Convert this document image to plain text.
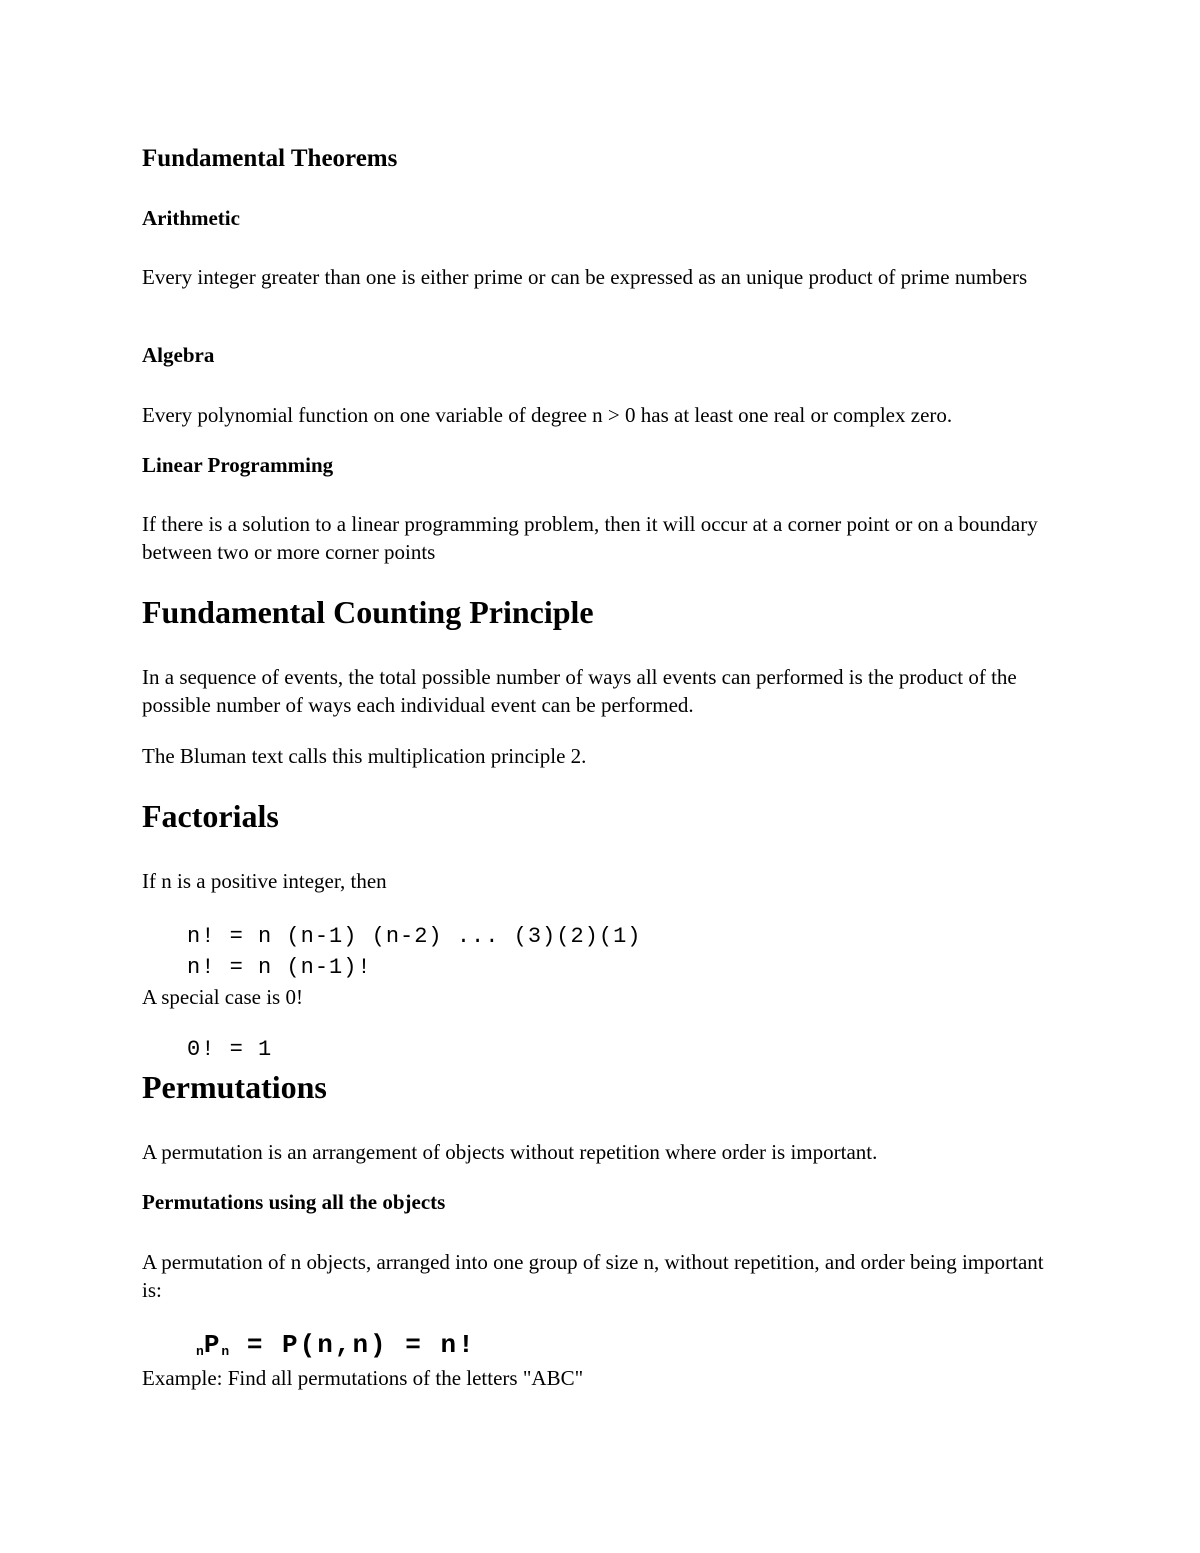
Fundamental Theorems
Arithmetic
Every integer greater than one is either prime or can be expressed as an unique product of prime numbers
Algebra
Every polynomial function on one variable of degree n > 0 has at least one real or complex zero.
Linear Programming
If there is a solution to a linear programming problem, then it will occur at a corner point or on a boundary between two or more corner points
Fundamental Counting Principle
In a sequence of events, the total possible number of ways all events can performed is the product of the possible number of ways each individual event can be performed.
The Bluman text calls this multiplication principle 2.
Factorials
If n is a positive integer, then
n! = n (n-1) (n-2) ... (3)(2)(1)
n! = n (n-1)!
A special case is 0!
0! = 1
Permutations
A permutation is an arrangement of objects without repetition where order is important.
Permutations using all the objects
A permutation of n objects, arranged into one group of size n, without repetition, and order being important is:
$nP_n = P(n,n) = n$!
Example: Find all permutations of the letters "ABC"
